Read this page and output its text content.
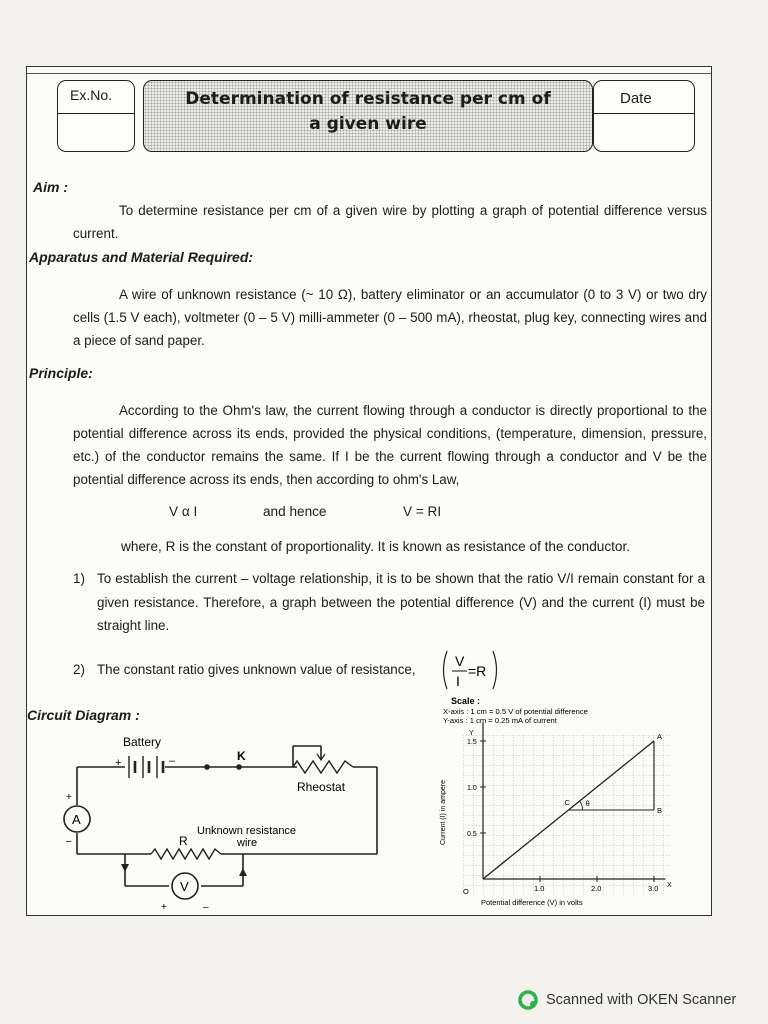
Ex.No.	Determination of resistance per cm of
a given wire
Date
Aim :

To determine resistance per cm of a given wire by plotting a graph of potential difference versus current.

Apparatus and Material Required:

A wire of unknown resistance (~ 10 Ω), battery eliminator or an accumulator (0 to 3 V) or two dry cells (1.5 V each), voltmeter (0 – 5 V) milli-ammeter (0 – 500 mA), rheostat, plug key, connecting wires and a piece of sand paper.

Principle:

According to the Ohm's law, the current flowing through a conductor is directly proportional to the potential difference across its ends, provided the physical conditions, (temperature, dimension, pressure, etc.) of the conductor remains the same. If I be the current flowing through a conductor and V be the potential difference across its ends, then according to ohm's Law,

V α I	and hence	V = RI
where, R is the constant of proportionality. It is known as resistance of the conductor.
1) To establish the current – voltage relationship, it is to be shown that the ratio V/I remain constant for a given resistance. Therefore, a graph between the potential difference (V) and the current (I) must be straight line.
2) The constant ratio gives unknown value of resistance,
V
I
=R
Circuit Diagram :
Battery
+	–	K
Rheostat
A
+
–	R
Unknown resistance
wire
V
+	–
Scale :
X-axis : 1 cm = 0.5 V of potential difference
Y-axis : 1 cm = 0.25 mA of current
Y
X
Current (I) in ampere
Potential difference (V) in volts
O	1.0	2.0	3.0
0.5
1.0
1.5
A
B
C θ
Scanned with OKEN Scanner
